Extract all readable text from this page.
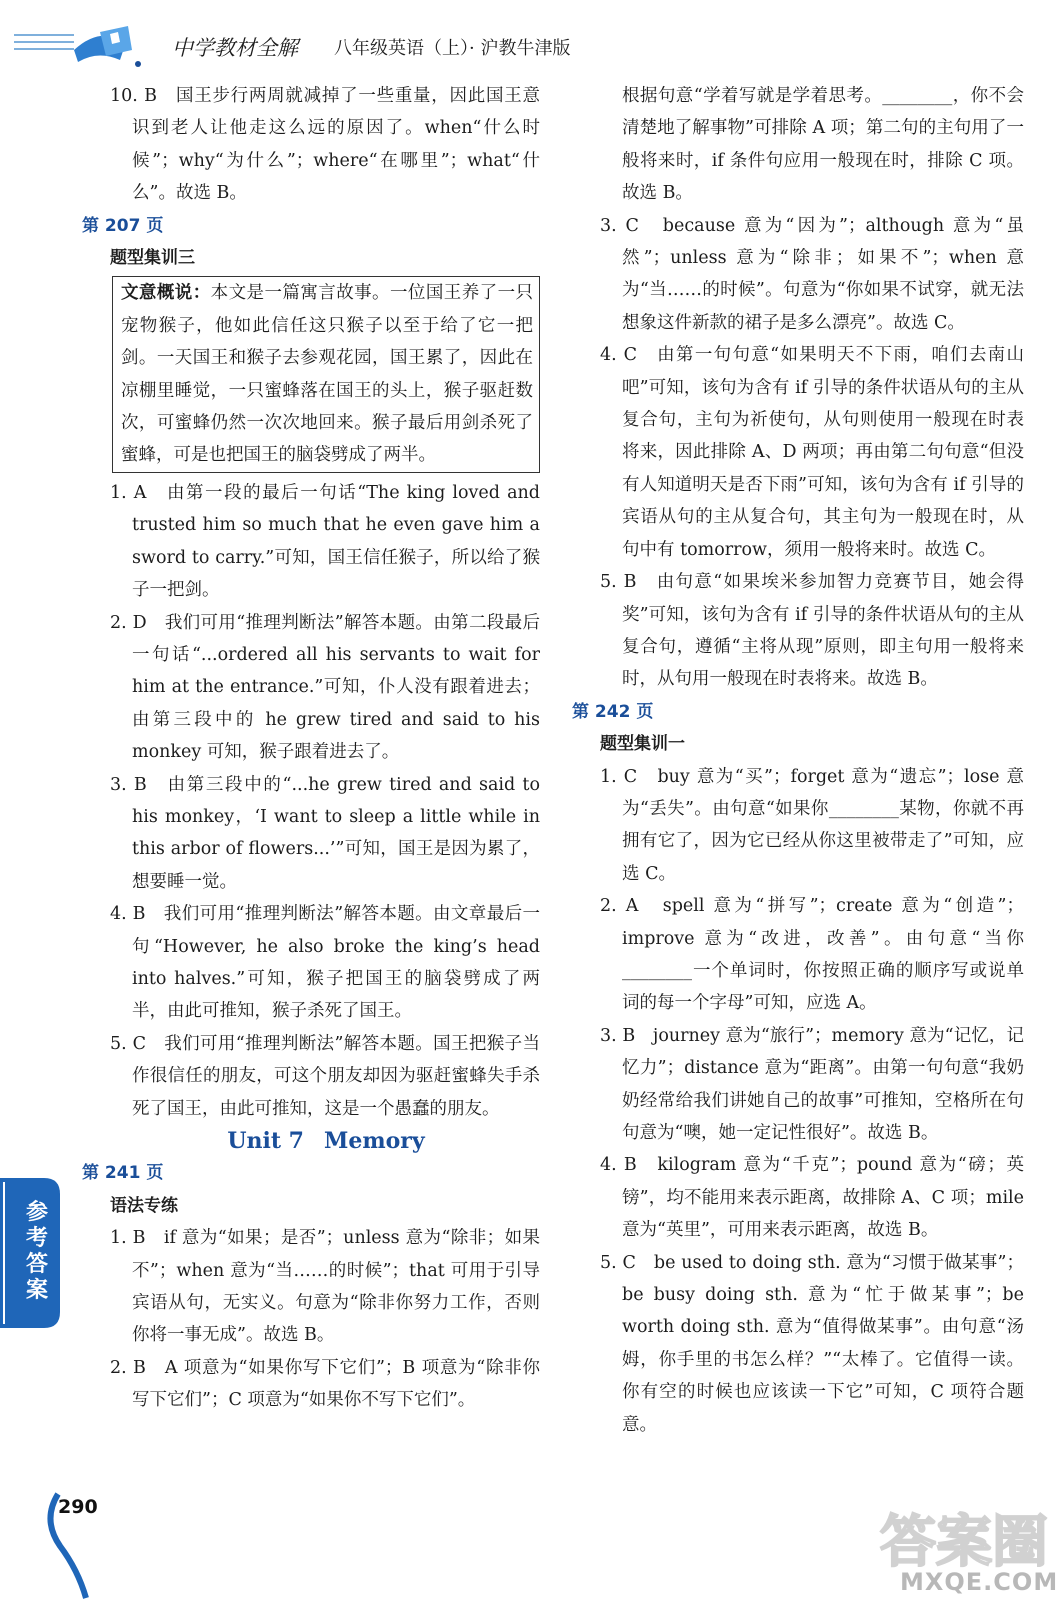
中学教材全解 八年级英语（上）· 沪教牛津版

10. B　国王步行两周就减掉了一些重量，因此国王意识到老人让他走这么远的原因了。when“什么时候”；why“为什么”；where“在哪里”；what“什么”。故选 B。

第 207 页

题型集训三

文意概说：本文是一篇寓言故事。一位国王养了一只宠物猴子，他如此信任这只猴子以至于给了它一把剑。一天国王和猴子去参观花园，国王累了，因此在凉棚里睡觉，一只蜜蜂落在国王的头上，猴子驱赶数次，可蜜蜂仍然一次次地回来。猴子最后用剑杀死了蜜蜂，可是也把国王的脑袋劈成了两半。

1. A　由第一段的最后一句话“The king loved and trusted him so much that he even gave him a sword to carry.”可知，国王信任猴子，所以给了猴子一把剑。

2. D　我们可用“推理判断法”解答本题。由第二段最后一句话“...ordered all his servants to wait for him at the entrance.”可知，仆人没有跟着进去；由第三段中的 he grew tired and said to his monkey 可知，猴子跟着进去了。

3. B　由第三段中的“...he grew tired and said to his monkey，‘I want to sleep a little while in this arbor of flowers...’”可知，国王是因为累了，想要睡一觉。

4. B　我们可用“推理判断法”解答本题。由文章最后一句“However, he also broke the king’s head into halves.”可知，猴子把国王的脑袋劈成了两半，由此可推知，猴子杀死了国王。

5. C　我们可用“推理判断法”解答本题。国王把猴子当作很信任的朋友，可这个朋友却因为驱赶蜜蜂失手杀死了国王，由此可推知，这是一个愚蠢的朋友。

Unit 7 Memory

第 241 页

语法专练

1. B　if 意为“如果；是否”；unless 意为“除非；如果不”；when 意为“当……的时候”；that 可用于引导宾语从句，无实义。句意为“除非你努力工作，否则你将一事无成”。故选 B。

2. B　A 项意为“如果你写下它们”；B 项意为“除非你写下它们”；C 项意为“如果你不写下它们”。

根据句意“学着写就是学着思考。________，你不会清楚地了解事物”可排除 A 项；第二句的主句用了一般将来时，if 条件句应用一般现在时，排除 C 项。故选 B。

3. C　because 意为“因为”；although 意为“虽然”；unless 意为“除非；如果不”；when 意为“当……的时候”。句意为“你如果不试穿，就无法想象这件新款的裙子是多么漂亮”。故选 C。

4. C　由第一句句意“如果明天不下雨，咱们去南山吧”可知，该句为含有 if 引导的条件状语从句的主从复合句，主句为祈使句，从句则使用一般现在时表将来，因此排除 A、D 两项；再由第二句句意“但没有人知道明天是否下雨”可知，该句为含有 if 引导的宾语从句的主从复合句，其主句为一般现在时，从句中有 tomorrow，须用一般将来时。故选 C。

5. B　由句意“如果埃米参加智力竞赛节目，她会得奖”可知，该句为含有 if 引导的条件状语从句的主从复合句，遵循“主将从现”原则，即主句用一般将来时，从句用一般现在时表将来。故选 B。

第 242 页

题型集训一

1. C　buy 意为“买”；forget 意为“遗忘”；lose 意为“丢失”。由句意“如果你________某物，你就不再拥有它了，因为它已经从你这里被带走了”可知，应选 C。

2. A　spell 意为“拼写”；create 意为“创造”；improve 意为“改进，改善”。由句意“当你________一个单词时，你按照正确的顺序写或说单词的每一个字母”可知，应选 A。

3. B　journey 意为“旅行”；memory 意为“记忆，记忆力”；distance 意为“距离”。由第一句句意“我奶奶经常给我们讲她自己的故事”可推知，空格所在句句意为“噢，她一定记性很好”。故选 B。

4. B　kilogram 意为“千克”；pound 意为“磅；英镑”，均不能用来表示距离，故排除 A、C 项；mile 意为“英里”，可用来表示距离，故选 B。

5. C　be used to doing sth. 意为“习惯于做某事”；be busy doing sth. 意为“忙于做某事”；be worth doing sth. 意为“值得做某事”。由句意“汤姆，你手里的书怎么样？”“太棒了。它值得一读。你有空的时候也应该读一下它”可知，C 项符合题意。

参考答案
290
答案圈
MXQE.COM
